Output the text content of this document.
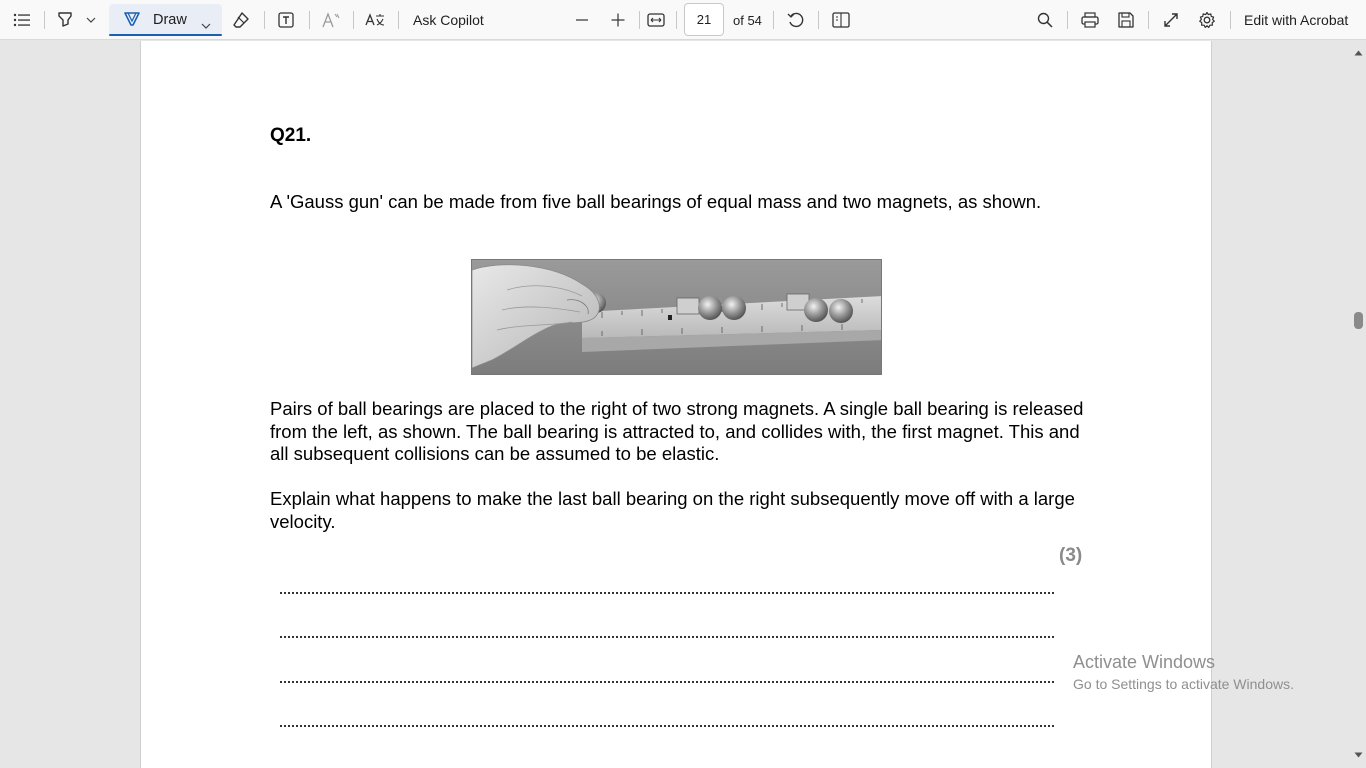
Draw	Ask Copilot	21	of 54	Edit with Acrobat
Q21.
A 'Gauss gun' can be made from five ball bearings of equal mass and two magnets, as shown.
Pairs of ball bearings are placed to the right of two strong magnets. A single ball bearing is released from the left, as shown. The ball bearing is attracted to, and collides with, the first magnet. This and all subsequent collisions can be assumed to be elastic.
Explain what happens to make the last ball bearing on the right subsequently move off with a large velocity.
(3)
Activate Windows
Go to Settings to activate Windows.
